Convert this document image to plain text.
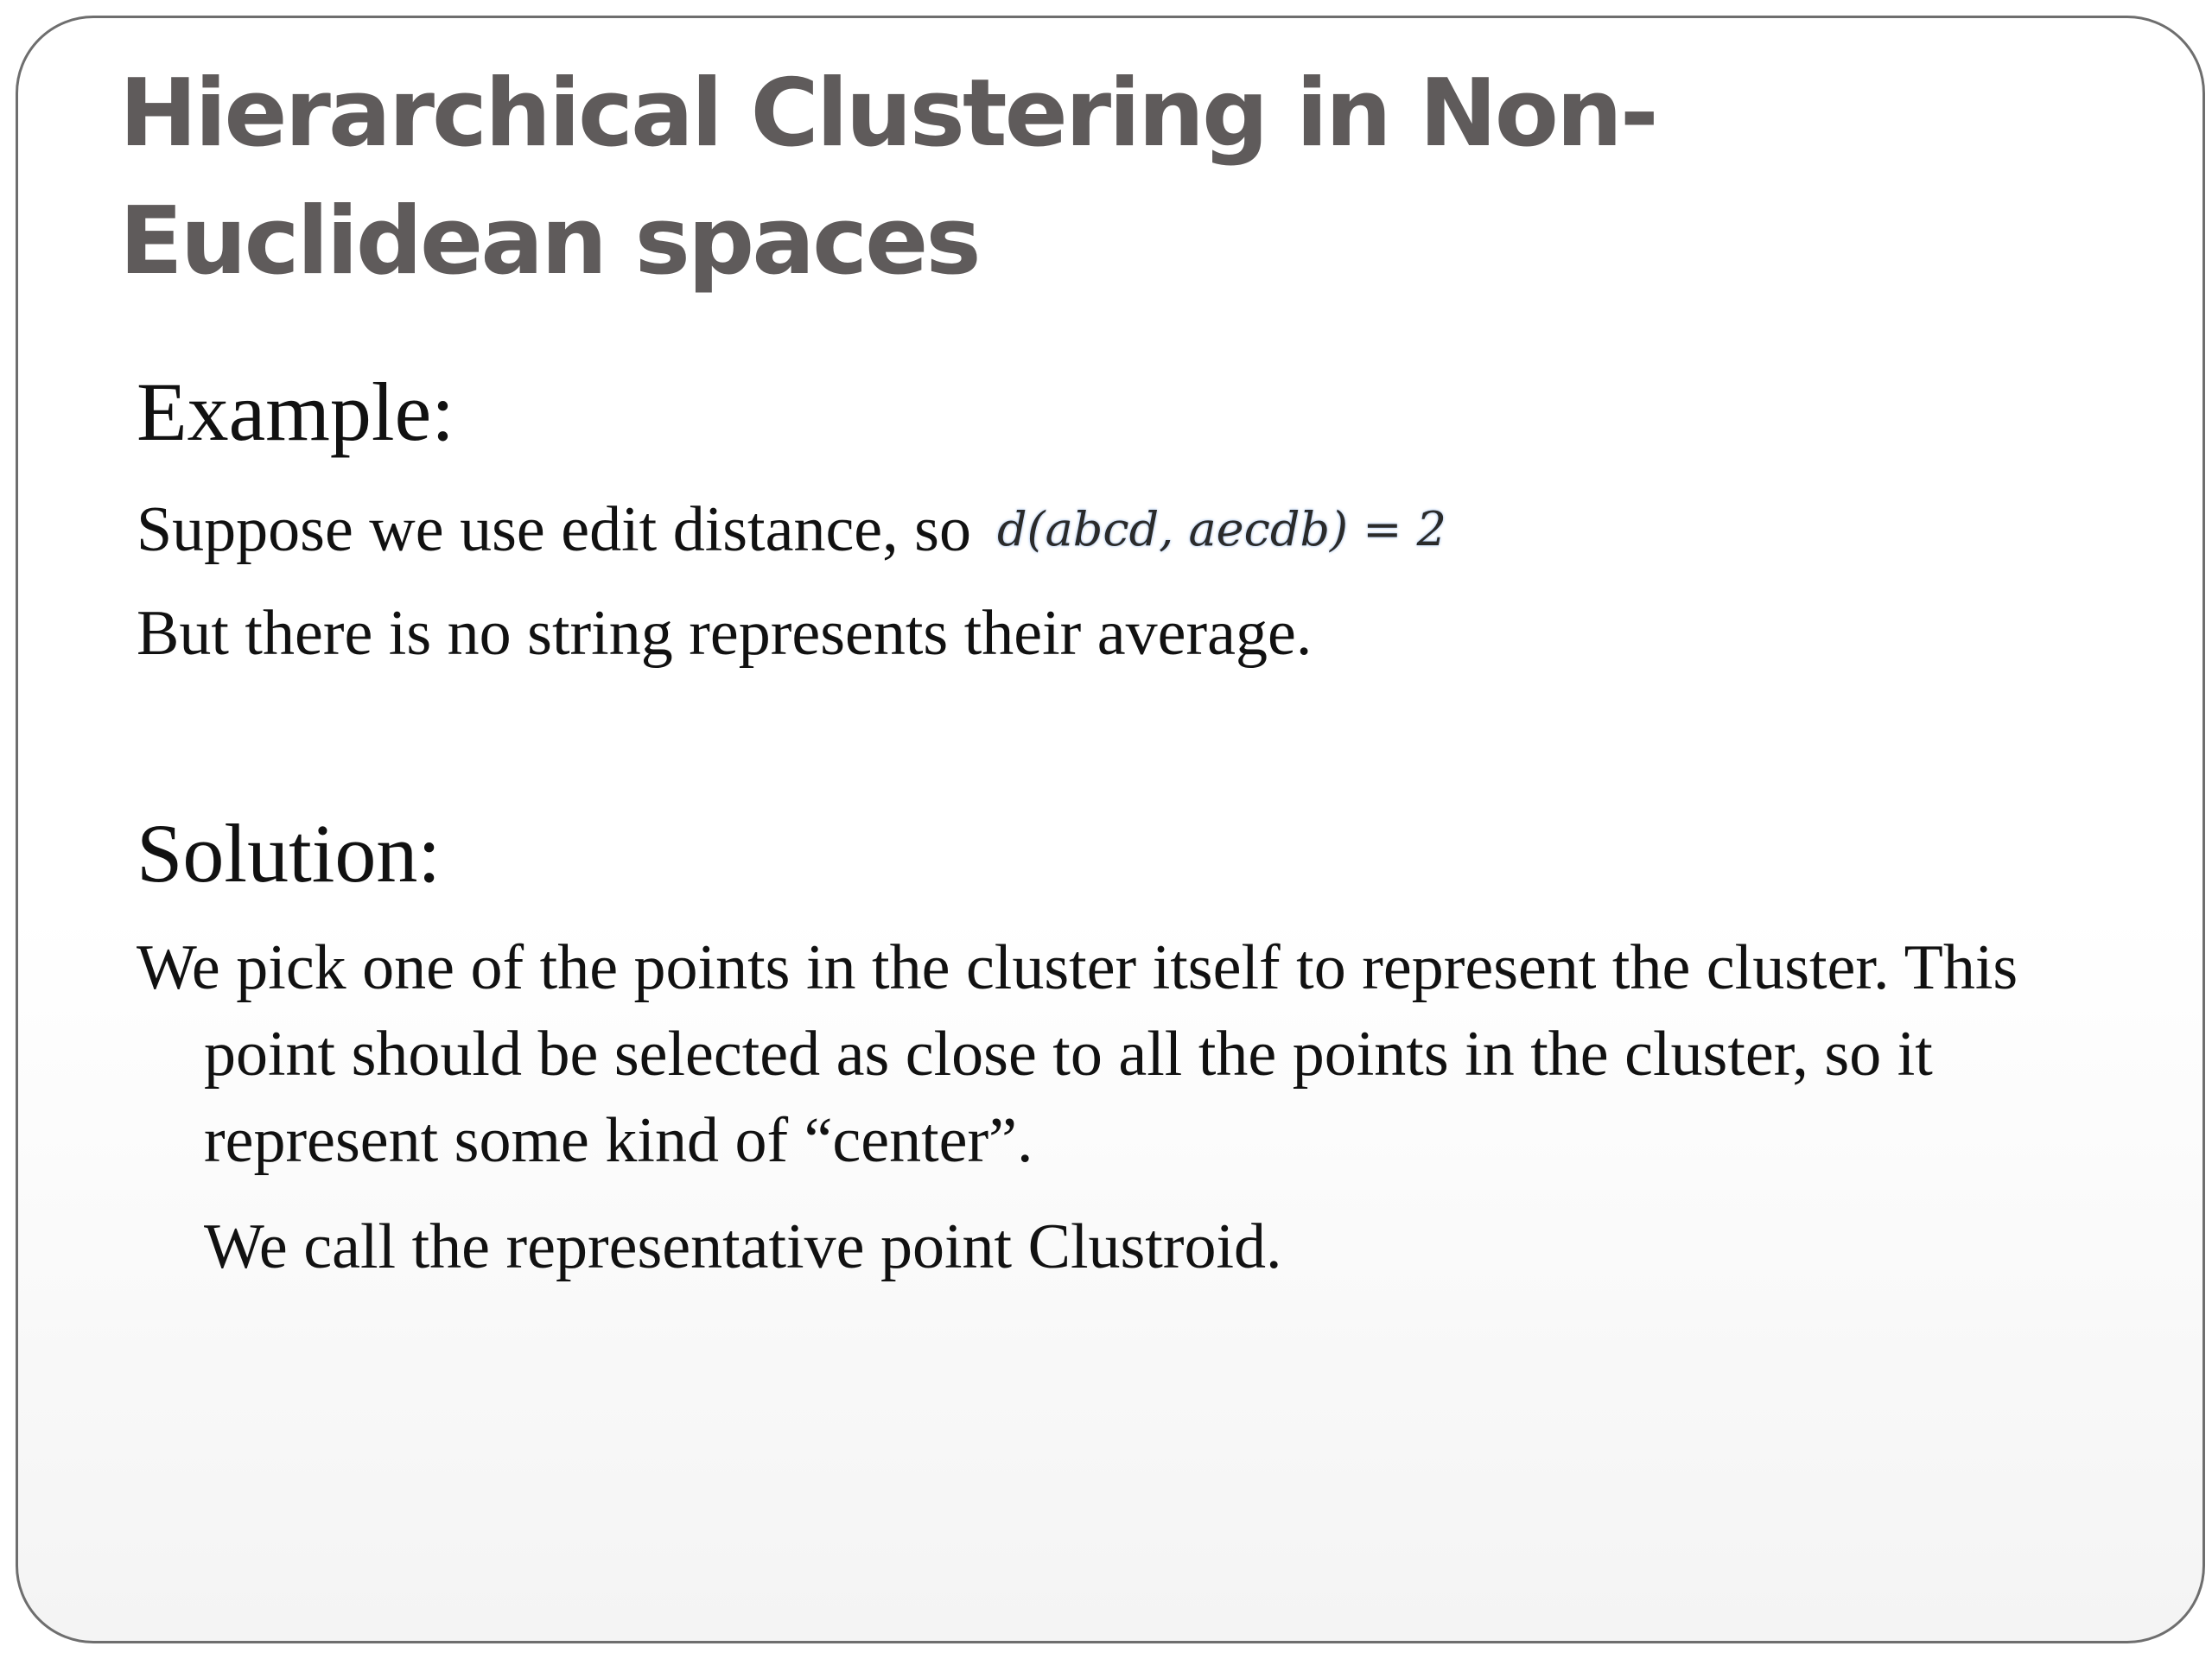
Hierarchical Clustering in Non-Euclidean spaces
Example:

Suppose we use edit distance, so d(abcd, aecdb) = 2

But there is no string represents their average.

Solution:

We pick one of the points in the cluster itself to represent the cluster. This point should be selected as close to all the points in the cluster, so it represent some kind of “center”.

We call the representative point Clustroid.
